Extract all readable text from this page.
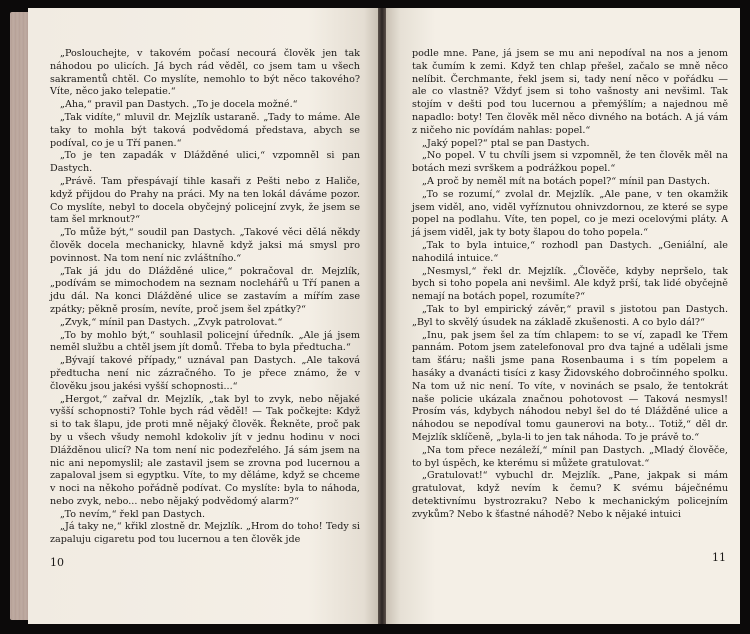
„Poslouchejte, v takovém počasí necourá člověk jen tak náhodou po ulicích. Já bych rád věděl, co jsem tam u všech sakramentů chtěl. Co myslíte, nemohlo to být něco takového? Víte, něco jako telepatie.“

„Aha,“ pravil pan Dastych. „To je docela možné.“

„Tak vidíte,“ mluvil dr. Mejzlík ustaraně. „Tady to máme. Ale taky to mohla být taková podvědomá představa, abych se podíval, co je u Tří panen.“

„To je ten zapadák v Dlážděné ulici,“ vzpomněl si pan Dastych.

„Právě. Tam přespávají tihle kasaři z Pešti nebo z Haliče, když přijdou do Prahy na práci. My na ten lokál dáváme pozor. Co myslíte, nebyl to docela obyčejný policejní zvyk, že jsem se tam šel mrknout?“

„To může být,“ soudil pan Dastych. „Takové věci dělá někdy člověk docela mechanicky, hlavně když jaksi má smysl pro povinnost. Na tom není nic zvláštního.“

„Tak já jdu do Dlážděné ulice,“ pokračoval dr. Mejzlík, „podívám se mimochodem na seznam noclehářů u Tří panen a jdu dál. Na konci Dlážděné ulice se zastavím a mířím zase zpátky; pěkně prosím, nevíte, proč jsem šel zpátky?“

„Zvyk,“ mínil pan Dastych. „Zvyk patrolovat.“

„To by mohlo být,“ souhlasil policejní úředník. „Ale já jsem neměl službu a chtěl jsem jít domů. Třeba to byla předtucha.“

„Bývají takové případy,“ uznával pan Dastych. „Ale taková předtucha není nic zázračného. To je přece známo, že v člověku jsou jakési vyšší schopnosti...“

„Hergot,“ zařval dr. Mejzlík, „tak byl to zvyk, nebo nějaké vyšší schopnosti? Tohle bych rád věděl! — Tak počkejte: Když si to tak šlapu, jde proti mně nějaký člověk. Řekněte, proč pak by u všech všudy nemohl kdokoliv jít v jednu hodinu v noci Dlážděnou ulicí? Na tom není nic podezřelého. Já sám jsem na nic ani nepomyslil; ale zastavil jsem se zrovna pod lucernou a zapaloval jsem si egyptku. Víte, to my děláme, když se chceme v noci na někoho pořádně podívat. Co myslíte: byla to náhoda, nebo zvyk, nebo... nebo nějaký podvědomý alarm?“

„To nevím,“ řekl pan Dastych.

„Já taky ne,“ křikl zlostně dr. Mejzlík. „Hrom do toho! Tedy si zapaluju cigaretu pod tou lucernou a ten člověk jde

10

podle mne. Pane, já jsem se mu ani nepodíval na nos a jenom tak čumím k zemi. Když ten chlap přešel, začalo se mně něco nelíbit. Čerchmante, řekl jsem si, tady není něco v pořádku — ale co vlastně? Vždyť jsem si toho vašnosty ani nevšiml. Tak stojím v dešti pod tou lucernou a přemýšlím; a najednou mě napadlo: boty! Ten člověk měl něco divného na botách. A já vám z ničeho nic povídám nahlas: popel.“

„Jaký popel?“ ptal se pan Dastych.

„No popel. V tu chvíli jsem si vzpomněl, že ten člověk měl na botách mezi svrškem a podrážkou popel.“

„A proč by neměl mít na botách popel?“ mínil pan Dastych.

„To se rozumí,“ zvolal dr. Mejzlík. „Ale pane, v ten okamžik jsem viděl, ano, viděl vyříznutou ohnivzdornou, ze které se sype popel na podlahu. Víte, ten popel, co je mezi ocelovými pláty. A já jsem viděl, jak ty boty šlapou do toho popela.“

„Tak to byla intuice,“ rozhodl pan Dastych. „Geniální, ale nahodilá intuice.“

„Nesmysl,“ řekl dr. Mejzlík. „Člověče, kdyby nepršelo, tak bych si toho popela ani nevšiml. Ale když prší, tak lidé obyčejně nemají na botách popel, rozumíte?“

„Tak to byl empirický závěr,“ pravil s jistotou pan Dastych. „Byl to skvělý úsudek na základě zkušenosti. A co bylo dál?“

„Inu, pak jsem šel za tím chlapem: to se ví, zapadl ke Třem pannám. Potom jsem zatelefonoval pro dva tajné a udělali jsme tam šťáru; našli jsme pana Rosenbauma i s tím popelem a hasáky a dvanácti tisíci z kasy Židovského dobročinného spolku. Na tom už nic není. To víte, v novinách se psalo, že tentokrát naše policie ukázala značnou pohotovost — Taková nesmysl! Prosím vás, kdybych náhodou nebyl šel do té Dlážděné ulice a náhodou se nepodíval tomu gaunerovi na boty... Totiž,“ děl dr. Mejzlík sklíčeně, „byla-li to jen tak náhoda. To je právě to.“

„Na tom přece nezáleží,“ mínil pan Dastych. „Mladý člověče, to byl úspěch, ke kterému si můžete gratulovat.“

„Gratulovat!“ vybuchl dr. Mejzlík. „Pane, jakpak si mám gratulovat, když nevím k čemu? K svému báječnému detektivnímu bystrozraku? Nebo k mechanickým policejním zvykům? Nebo k šťastné náhodě? Nebo k nějaké intuici

11
